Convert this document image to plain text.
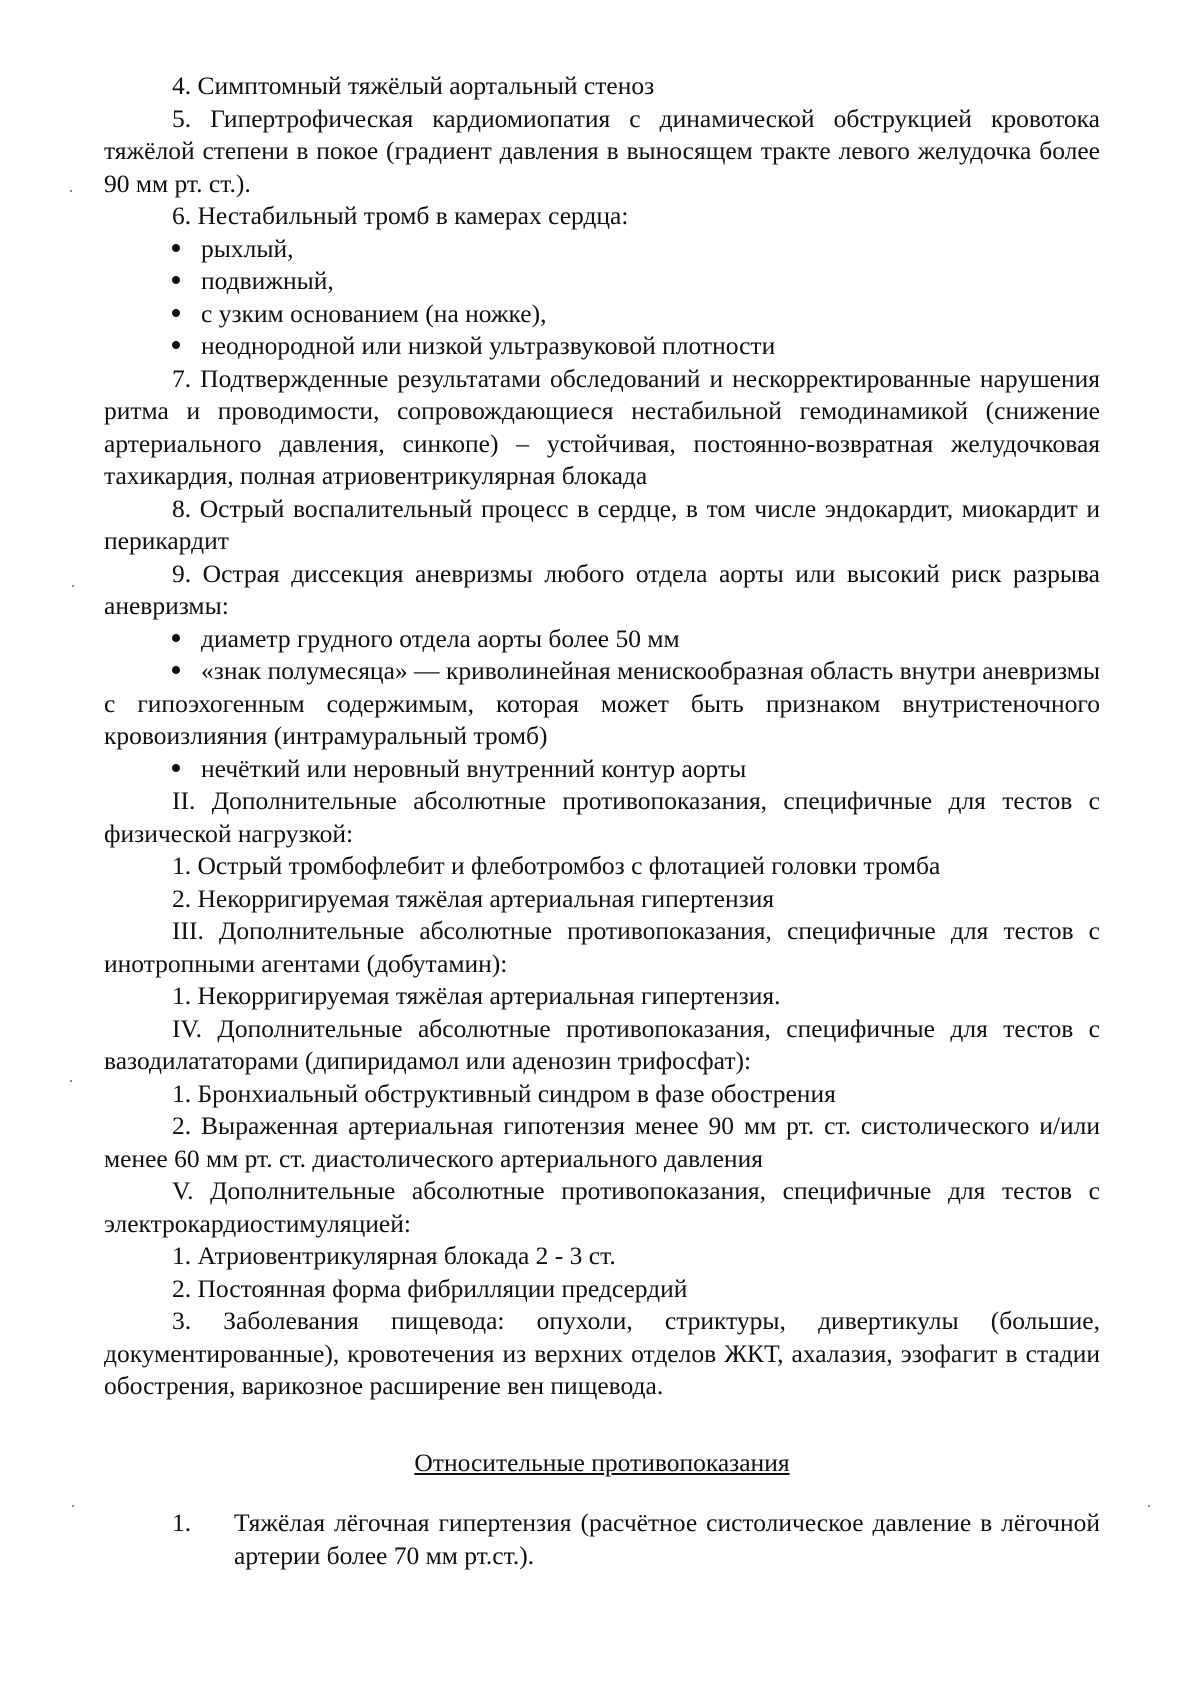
4. Симптомный тяжёлый аортальный стеноз
5. Гипертрофическая кардиомиопатия с динамической обструкцией кровотока тяжёлой степени в покое (градиент давления в выносящем тракте левого желудочка более 90 мм рт. ст.).
6. Нестабильный тромб в камерах сердца:
рыхлый,
подвижный,
с узким основанием (на ножке),
неоднородной или низкой ультразвуковой плотности
7. Подтвержденные результатами обследований и нескорректированные нарушения ритма и проводимости, сопровождающиеся нестабильной гемодинамикой (снижение артериального давления, синкопе) – устойчивая, постоянно-возвратная желудочковая тахикардия, полная атриовентрикулярная блокада
8. Острый воспалительный процесс в сердце, в том числе эндокардит, миокардит и перикардит
9. Острая диссекция аневризмы любого отдела аорты или высокий риск разрыва аневризмы:
диаметр грудного отдела аорты более 50 мм
«знак полумесяца» — криволинейная менискообразная область внутри аневризмы с гипоэхогенным содержимым, которая может быть признаком внутристеночного кровоизлияния (интрамуральный тромб)
нечёткий или неровный внутренний контур аорты
II. Дополнительные абсолютные противопоказания, специфичные для тестов с физической нагрузкой:
1. Острый тромбофлебит и флеботромбоз с флотацией головки тромба
2. Некорригируемая тяжёлая артериальная гипертензия
III. Дополнительные абсолютные противопоказания, специфичные для тестов с инотропными агентами (добутамин):
1. Некорригируемая тяжёлая артериальная гипертензия.
IV. Дополнительные абсолютные противопоказания, специфичные для тестов с вазодилататорами (дипиридамол или аденозин трифосфат):
1. Бронхиальный обструктивный синдром в фазе обострения
2. Выраженная артериальная гипотензия менее 90 мм рт. ст. систолического и/или менее 60 мм рт. ст. диастолического артериального давления
V. Дополнительные абсолютные противопоказания, специфичные для тестов с электрокардиостимуляцией:
1. Атриовентрикулярная блокада 2 - 3 ст.
2. Постоянная форма фибрилляции предсердий
3. Заболевания пищевода: опухоли, стриктуры, дивертикулы (большие, документированные), кровотечения из верхних отделов ЖКТ, ахалазия, эзофагит в стадии обострения, варикозное расширение вен пищевода.
Относительные противопоказания
1.	Тяжёлая лёгочная гипертензия (расчётное систолическое давление в лёгочной артерии более 70 мм рт.ст.).
